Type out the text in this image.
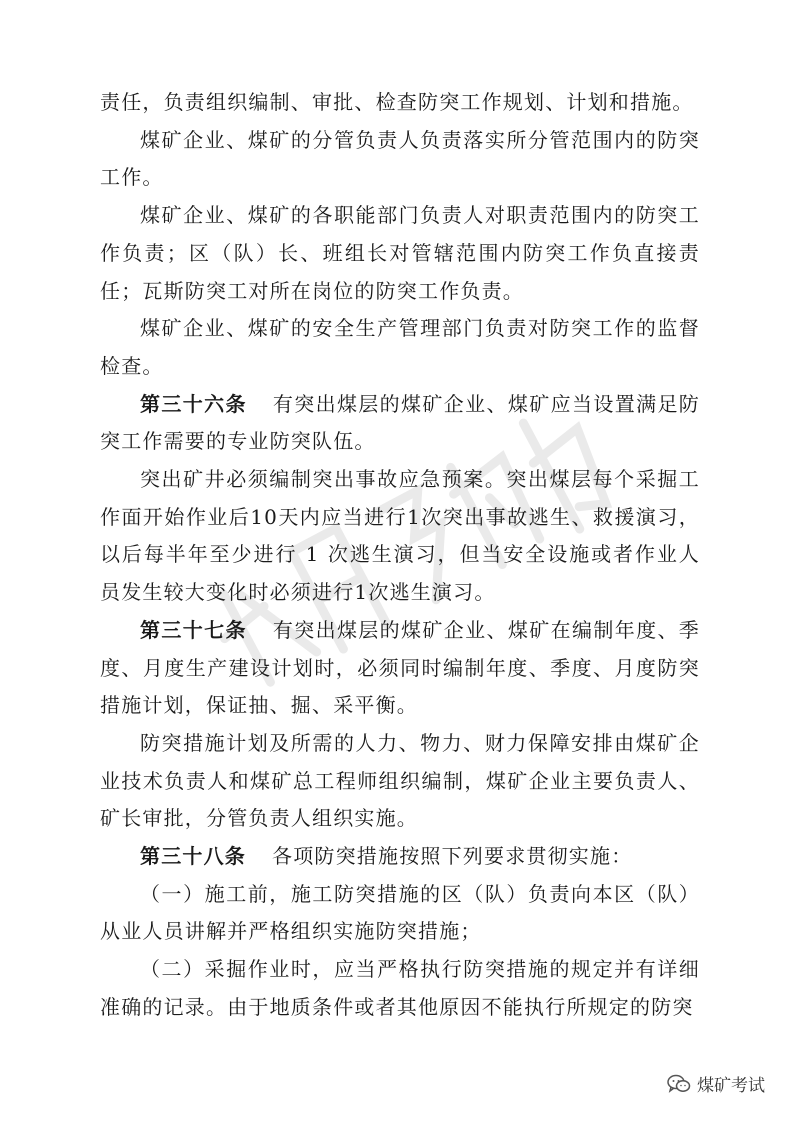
责任，负责组织编制、审批、检查防突工作规划、计划和措施。

煤矿企业、煤矿的分管负责人负责落实所分管范围内的防突工作。

煤矿企业、煤矿的各职能部门负责人对职责范围内的防突工作负责；区（队）长、班组长对管辖范围内防突工作负直接责任；瓦斯防突工对所在岗位的防突工作负责。

煤矿企业、煤矿的安全生产管理部门负责对防突工作的监督检查。

第三十六条 有突出煤层的煤矿企业、煤矿应当设置满足防突工作需要的专业防突队伍。

突出矿井必须编制突出事故应急预案。突出煤层每个采掘工作面开始作业后10天内应当进行1次突出事故逃生、救援演习，以后每半年至少进行 1 次逃生演习，但当安全设施或者作业人员发生较大变化时必须进行1次逃生演习。

第三十七条 有突出煤层的煤矿企业、煤矿在编制年度、季度、月度生产建设计划时，必须同时编制年度、季度、月度防突措施计划，保证抽、掘、采平衡。

防突措施计划及所需的人力、物力、财力保障安排由煤矿企业技术负责人和煤矿总工程师组织编制，煤矿企业主要负责人、矿长审批，分管负责人组织实施。

第三十八条 各项防突措施按照下列要求贯彻实施：

（一）施工前，施工防突措施的区（队）负责向本区（队）从业人员讲解并严格组织实施防突措施；

（二）采掘作业时，应当严格执行防突措施的规定并有详细准确的记录。由于地质条件或者其他原因不能执行所规定的防突

煤矿考试
